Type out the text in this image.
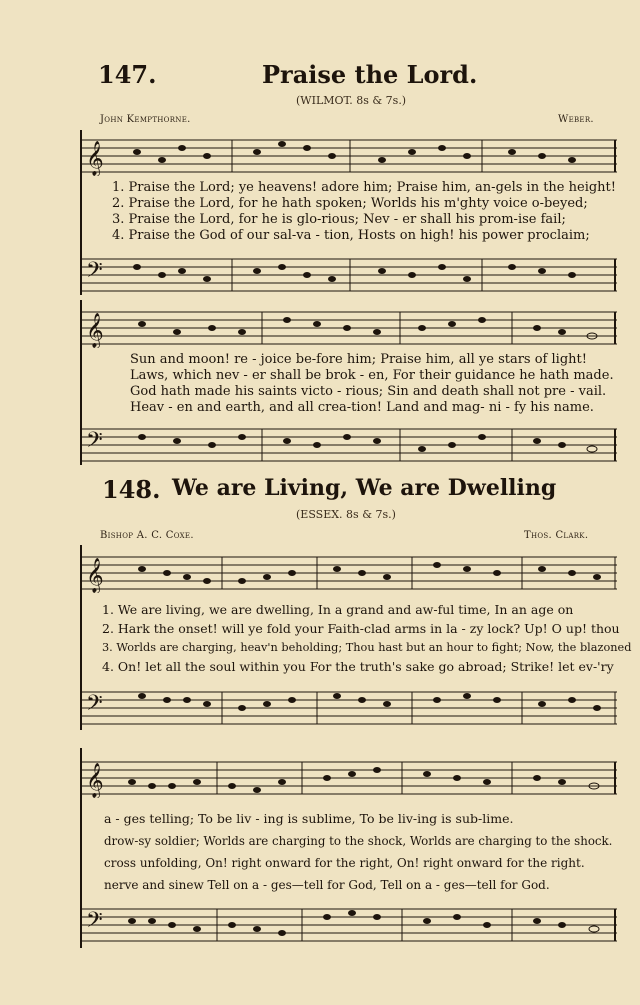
147.	Praise the Lord.
(WILMOT. 8s & 7s.)
John Kempthorne.	Weber.
𝄞
1. Praise the Lord; ye heavens! adore him; Praise him, an-gels in the height!
2. Praise the Lord, for he hath spoken; Worlds his m'ghty voice o-beyed;
3. Praise the Lord, for he is glo-rious; Nev - er shall his prom-ise fail;
4. Praise the God of our sal-va - tion, Hosts on high! his power proclaim;
𝄢
𝄞
Sun and moon! re - joice be-fore him; Praise him, all ye stars of light!
Laws, which nev - er shall be brok - en, For their guidance he hath made.
God hath made his saints victo - rious; Sin and death shall not pre - vail.
Heav - en and earth, and all crea-tion! Land and mag- ni - fy his name.
𝄢
148. We are Living, We are Dwelling
(ESSEX. 8s & 7s.)
Bishop A. C. Coxe.	Thos. Clark.
𝄞
1. We are living, we are dwelling, In a grand and aw-ful time, In an age on
2. Hark the onset! will ye fold your Faith-clad arms in la - zy lock? Up! O up! thou
3. Worlds are charging, heav'n beholding; Thou hast but an hour to fight; Now, the blazoned
4. On! let all the soul within you For the truth's sake go abroad; Strike! let ev-'ry
𝄢
𝄞
a - ges telling; To be liv - ing is sublime, To be liv-ing is sub-lime.
drow-sy soldier; Worlds are charging to the shock, Worlds are charging to the shock.
cross unfolding, On! right onward for the right, On! right onward for the right.
nerve and sinew Tell on a - ges—tell for God, Tell on a - ges—tell for God.
𝄢
